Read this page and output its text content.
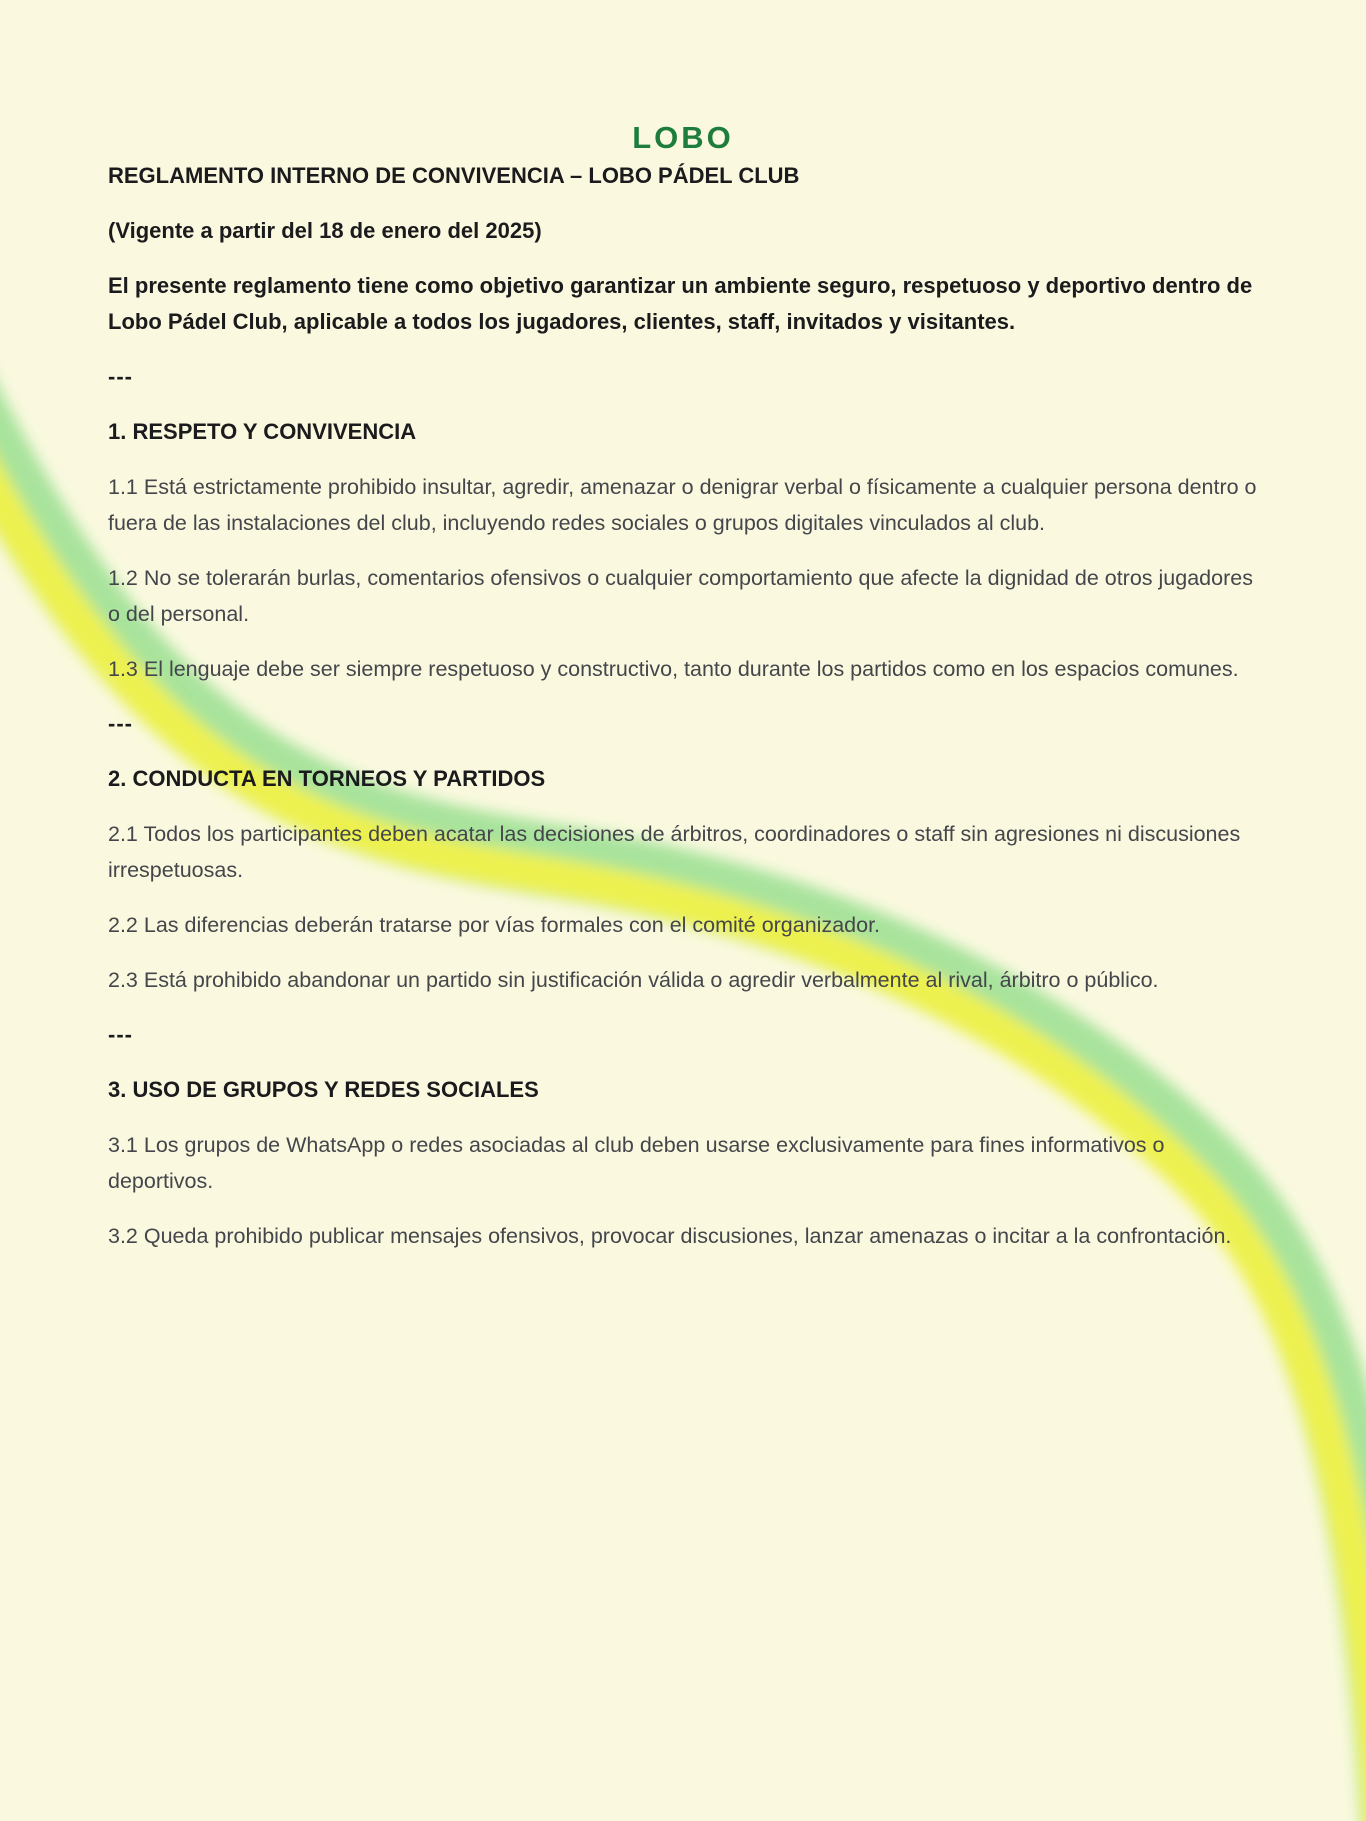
LOBO
REGLAMENTO INTERNO DE CONVIVENCIA – LOBO PÁDEL CLUB
(Vigente a partir del 18 de enero del 2025)
El presente reglamento tiene como objetivo garantizar un ambiente seguro, respetuoso y deportivo dentro de Lobo Pádel Club, aplicable a todos los jugadores, clientes, staff, invitados y visitantes.
---
1. RESPETO Y CONVIVENCIA
1.1 Está estrictamente prohibido insultar, agredir, amenazar o denigrar verbal o físicamente a cualquier persona dentro o fuera de las instalaciones del club, incluyendo redes sociales o grupos digitales vinculados al club.
1.2 No se tolerarán burlas, comentarios ofensivos o cualquier comportamiento que afecte la dignidad de otros jugadores o del personal.
1.3 El lenguaje debe ser siempre respetuoso y constructivo, tanto durante los partidos como en los espacios comunes.
---
2. CONDUCTA EN TORNEOS Y PARTIDOS
2.1 Todos los participantes deben acatar las decisiones de árbitros, coordinadores o staff sin agresiones ni discusiones irrespetuosas.
2.2 Las diferencias deberán tratarse por vías formales con el comité organizador.
2.3 Está prohibido abandonar un partido sin justificación válida o agredir verbalmente al rival, árbitro o público.
---
3. USO DE GRUPOS Y REDES SOCIALES
3.1 Los grupos de WhatsApp o redes asociadas al club deben usarse exclusivamente para fines informativos o deportivos.
3.2 Queda prohibido publicar mensajes ofensivos, provocar discusiones, lanzar amenazas o incitar a la confrontación.
